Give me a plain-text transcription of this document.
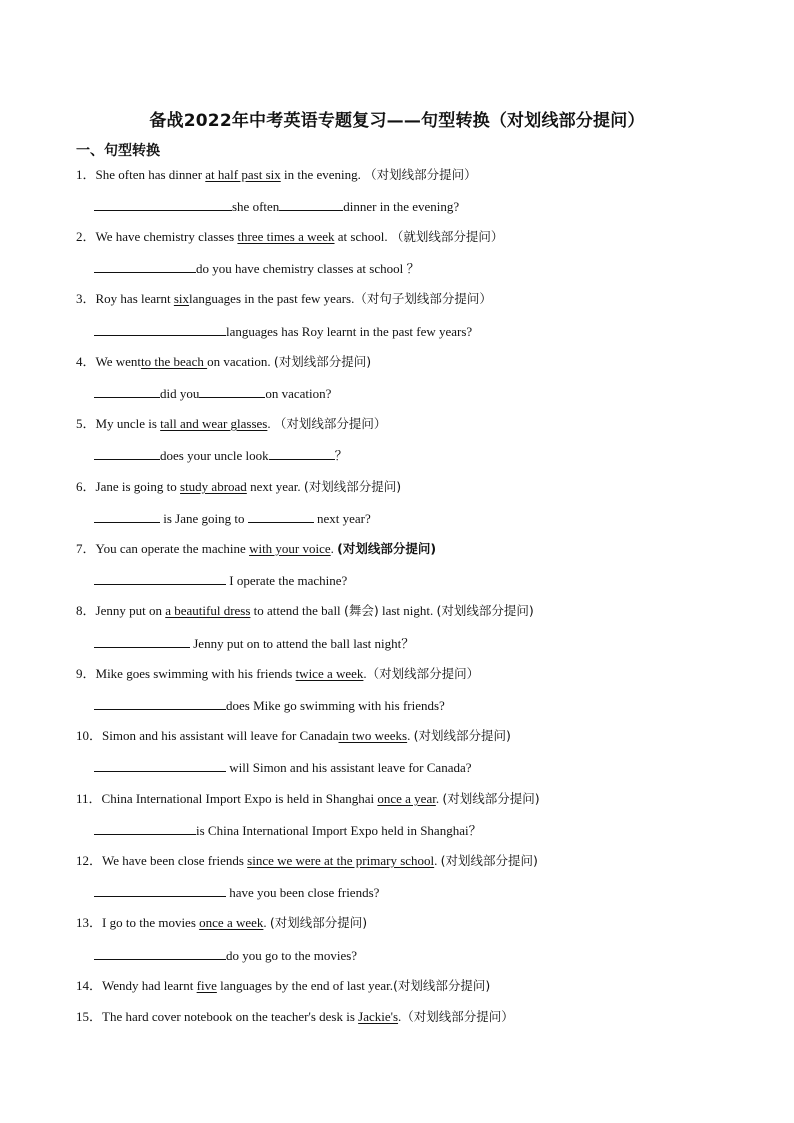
备战2022年中考英语专题复习——句型转换（对划线部分提问）
一、句型转换
1．She often has dinner at half past six in the evening. （对划线部分提问）
she often	dinner in the evening?
2．We have chemistry classes three times a week at school. （就划线部分提问）
do you have chemistry classes at school ？
3．Roy has learnt sixlanguages in the past few years.（对句子划线部分提问）
languages has Roy learnt in the past few years?
4．We wentto the beach on vacation. (对划线部分提问)
did you	on vacation?
5．My uncle is tall and wear glasses. （对划线部分提问）
does your uncle look	？
6．Jane is going to study abroad next year. (对划线部分提问)
is Jane going to	next year?
7．You can operate the machine with your voice. (对划线部分提问)
I operate the machine?
8．Jenny put on a beautiful dress to attend the ball (舞会) last night. (对划线部分提问)
Jenny put on to attend the ball last night？
9．Mike goes swimming with his friends twice a week.（对划线部分提问）
does Mike go swimming with his friends?
10．Simon and his assistant will leave for Canadain two weeks. (对划线部分提问)
will Simon and his assistant leave for Canada?
11．China International Import Expo is held in Shanghai once a year. (对划线部分提问)
is China International Import Expo held in Shanghai？
12．We have been close friends since we were at the primary school. (对划线部分提问)
have you been close friends?
13．I go to the movies once a week. (对划线部分提问)
do you go to the movies?
14．Wendy had learnt five languages by the end of last year.(对划线部分提问)
15．The hard cover notebook on the teacher's desk is Jackie's.（对划线部分提问）
